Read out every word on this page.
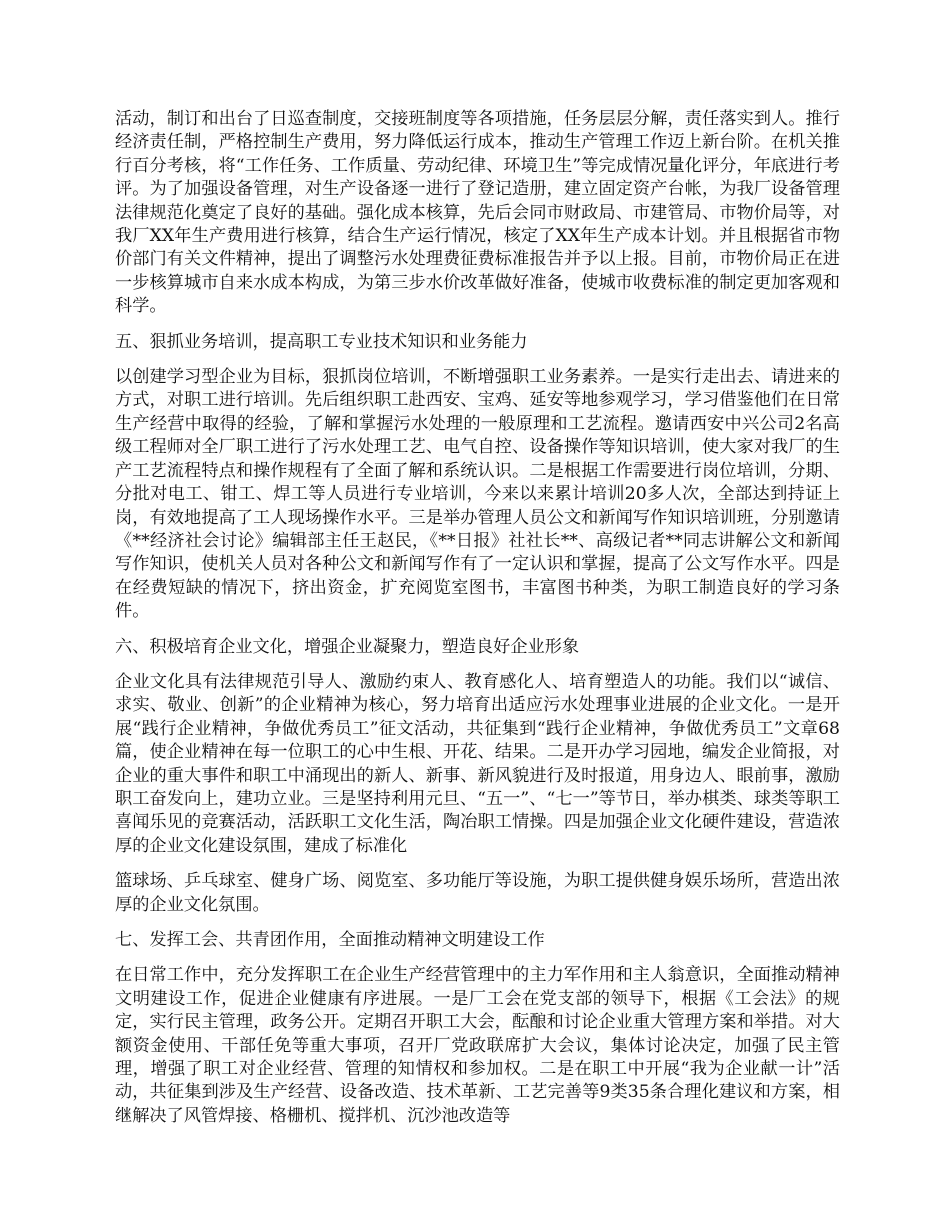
活动，制订和出台了日巡查制度，交接班制度等各项措施，任务层层分解，责任落实到人。推行经济责任制，严格控制生产费用，努力降低运行成本，推动生产管理工作迈上新台阶。在机关推行百分考核，将“工作任务、工作质量、劳动纪律、环境卫生”等完成情况量化评分，年底进行考评。为了加强设备管理，对生产设备逐一进行了登记造册，建立固定资产台帐，为我厂设备管理法律规范化奠定了良好的基础。强化成本核算，先后会同市财政局、市建管局、市物价局等，对我厂XX年生产费用进行核算，结合生产运行情况，核定了XX年生产成本计划。并且根据省市物价部门有关文件精神，提出了调整污水处理费征费标准报告并予以上报。目前，市物价局正在进一步核算城市自来水成本构成，为第三步水价改革做好准备，使城市收费标准的制定更加客观和科学。

五、狠抓业务培训，提高职工专业技术知识和业务能力

以创建学习型企业为目标，狠抓岗位培训，不断增强职工业务素养。一是实行走出去、请进来的方式，对职工进行培训。先后组织职工赴西安、宝鸡、延安等地参观学习，学习借鉴他们在日常生产经营中取得的经验，了解和掌握污水处理的一般原理和工艺流程。邀请西安中兴公司2名高级工程师对全厂职工进行了污水处理工艺、电气自控、设备操作等知识培训，使大家对我厂的生产工艺流程特点和操作规程有了全面了解和系统认识。二是根据工作需要进行岗位培训，分期、分批对电工、钳工、焊工等人员进行专业培训，今来以来累计培训20多人次，全部达到持证上岗，有效地提高了工人现场操作水平。三是举办管理人员公文和新闻写作知识培训班，分别邀请《**经济社会讨论》编辑部主任王赵民，《**日报》社社长**、高级记者**同志讲解公文和新闻写作知识，使机关人员对各种公文和新闻写作有了一定认识和掌握，提高了公文写作水平。四是在经费短缺的情况下，挤出资金，扩充阅览室图书，丰富图书种类，为职工制造良好的学习条件。

六、积极培育企业文化，增强企业凝聚力，塑造良好企业形象

企业文化具有法律规范引导人、激励约束人、教育感化人、培育塑造人的功能。我们以“诚信、求实、敬业、创新”的企业精神为核心，努力培育出适应污水处理事业进展的企业文化。一是开展“践行企业精神，争做优秀员工”征文活动，共征集到“践行企业精神，争做优秀员工”文章68篇，使企业精神在每一位职工的心中生根、开花、结果。二是开办学习园地，编发企业简报，对企业的重大事件和职工中涌现出的新人、新事、新风貌进行及时报道，用身边人、眼前事，激励职工奋发向上，建功立业。三是坚持利用元旦、“五一”、“七一”等节日，举办棋类、球类等职工喜闻乐见的竞赛活动，活跃职工文化生活，陶冶职工情操。四是加强企业文化硬件建设，营造浓厚的企业文化建设氛围，建成了标准化

篮球场、乒乓球室、健身广场、阅览室、多功能厅等设施，为职工提供健身娱乐场所，营造出浓厚的企业文化氛围。

七、发挥工会、共青团作用，全面推动精神文明建设工作

在日常工作中，充分发挥职工在企业生产经营管理中的主力军作用和主人翁意识，全面推动精神文明建设工作，促进企业健康有序进展。一是厂工会在党支部的领导下，根据《工会法》的规定，实行民主管理，政务公开。定期召开职工大会，酝酿和讨论企业重大管理方案和举措。对大额资金使用、干部任免等重大事项，召开厂党政联席扩大会议，集体讨论决定，加强了民主管理，增强了职工对企业经营、管理的知情权和参加权。二是在职工中开展“我为企业献一计”活动，共征集到涉及生产经营、设备改造、技术革新、工艺完善等9类35条合理化建议和方案，相继解决了风管焊接、格栅机、搅拌机、沉沙池改造等
